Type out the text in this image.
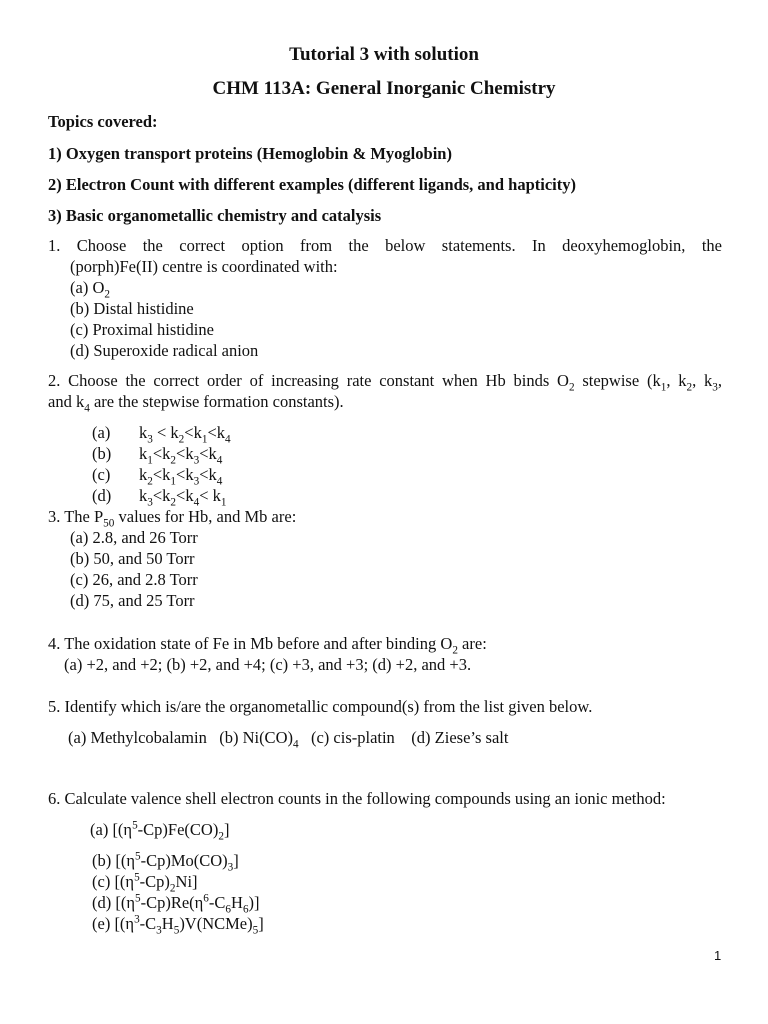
Tutorial 3 with solution
CHM 113A: General Inorganic Chemistry
Topics covered:
1) Oxygen transport proteins (Hemoglobin & Myoglobin)
2) Electron Count with different examples (different ligands, and hapticity)
3) Basic organometallic chemistry and catalysis
1. Choose the correct option from the below statements. In deoxyhemoglobin, the
(porph)Fe(II) centre is coordinated with:
(a) $O_2$
(b) Distal histidine
(c) Proximal histidine
(d) Superoxide radical anion
2. Choose the correct order of increasing rate constant when Hb binds $O_2$ stepwise ($k_1$, $k_2$, $k_3$,
and $k_4$ are the stepwise formation constants).
(a) $k_3 < k_2<k_1<k_4$
(b) $k_1<k_2<k_3<k_4$
(c) $k_2<k_1<k_3<k_4$
(d) $k_3<k_2<k_4< k_1$
3. The $P_{50}$ values for Hb, and Mb are:
(a) 2.8, and 26 Torr
(b) 50, and 50 Torr
(c) 26, and 2.8 Torr
(d) 75, and 25 Torr
4. The oxidation state of Fe in Mb before and after binding $O_2$ are:
(a) +2, and +2; (b) +2, and +4; (c) +3, and +3; (d) +2, and +3.
5. Identify which is/are the organometallic compound(s) from the list given below.
(a) Methylcobalamin   (b) $Ni(CO)_4$   (c) cis-platin    (d) Ziese’s salt
6. Calculate valence shell electron counts in the following compounds using an ionic method:
(a) $[(\eta^5-Cp)Fe(CO)_2]$
(b) $[(\eta^5-Cp)Mo(CO)_3]$
(c) $[(\eta^5-Cp)_2Ni]$
(d) $[(\eta^5-Cp)Re(\eta^6-C_6H_6)]$
(e) $[(\eta^3-C_3H_5)V(NCMe)_5]$
1
